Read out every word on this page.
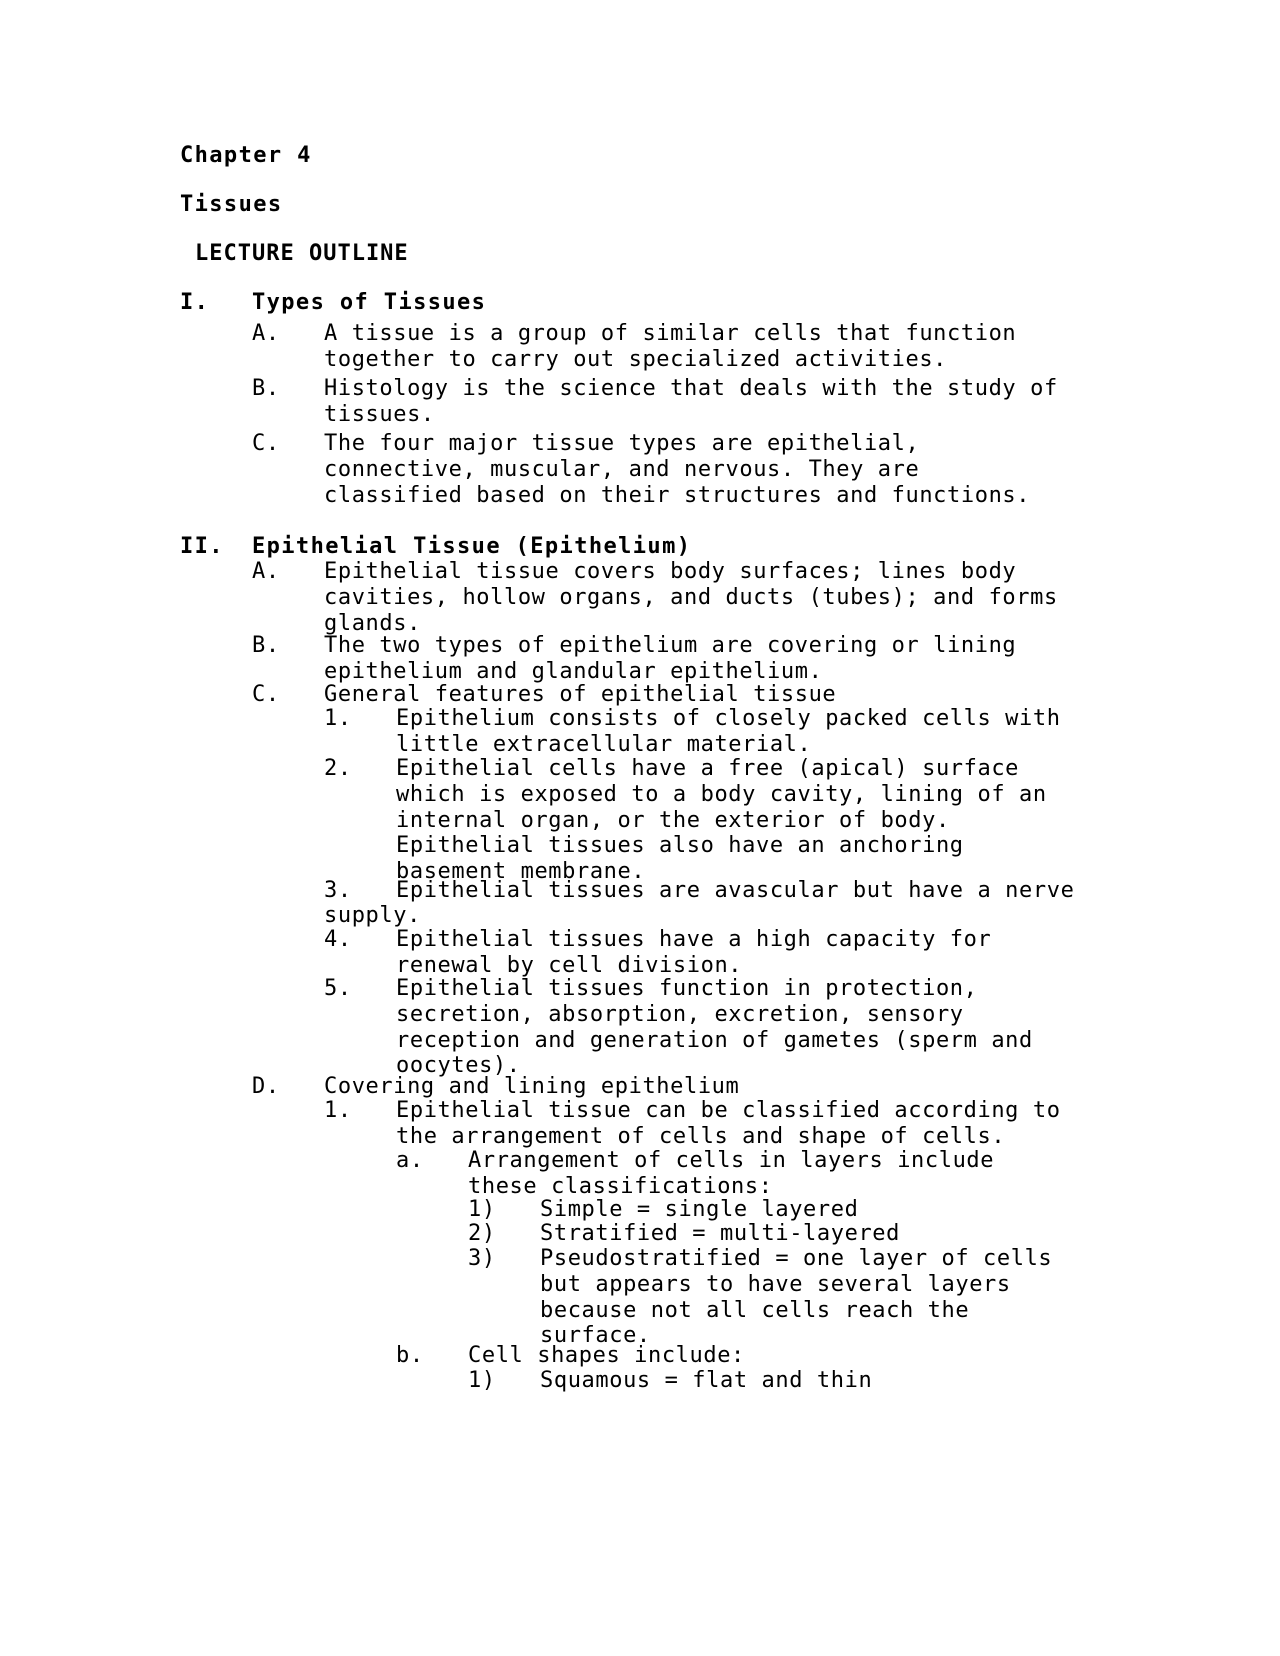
Chapter 4
Tissues
LECTURE OUTLINE
I. Types of Tissues
A. A tissue is a group of similar cells that function
together to carry out specialized activities.
B. Histology is the science that deals with the study of
tissues.
C. The four major tissue types are epithelial,
connective, muscular, and nervous. They are
classified based on their structures and functions.
II. Epithelial Tissue (Epithelium)
A. Epithelial tissue covers body surfaces; lines body
cavities, hollow organs, and ducts (tubes); and forms
glands.
B. The two types of epithelium are covering or lining
epithelium and glandular epithelium.
C. General features of epithelial tissue
1. Epithelium consists of closely packed cells with
little extracellular material.
2. Epithelial cells have a free (apical) surface
which is exposed to a body cavity, lining of an
internal organ, or the exterior of body.
Epithelial tissues also have an anchoring
basement membrane.
3. Epithelial tissues are avascular but have a nerve
supply.
4. Epithelial tissues have a high capacity for
renewal by cell division.
5. Epithelial tissues function in protection,
secretion, absorption, excretion, sensory
reception and generation of gametes (sperm and
oocytes).
D. Covering and lining epithelium
1. Epithelial tissue can be classified according to
the arrangement of cells and shape of cells.
a. Arrangement of cells in layers include
these classifications:
1) Simple = single layered
2) Stratified = multi-layered
3) Pseudostratified = one layer of cells
but appears to have several layers
because not all cells reach the
surface.
b. Cell shapes include:
1) Squamous = flat and thin
